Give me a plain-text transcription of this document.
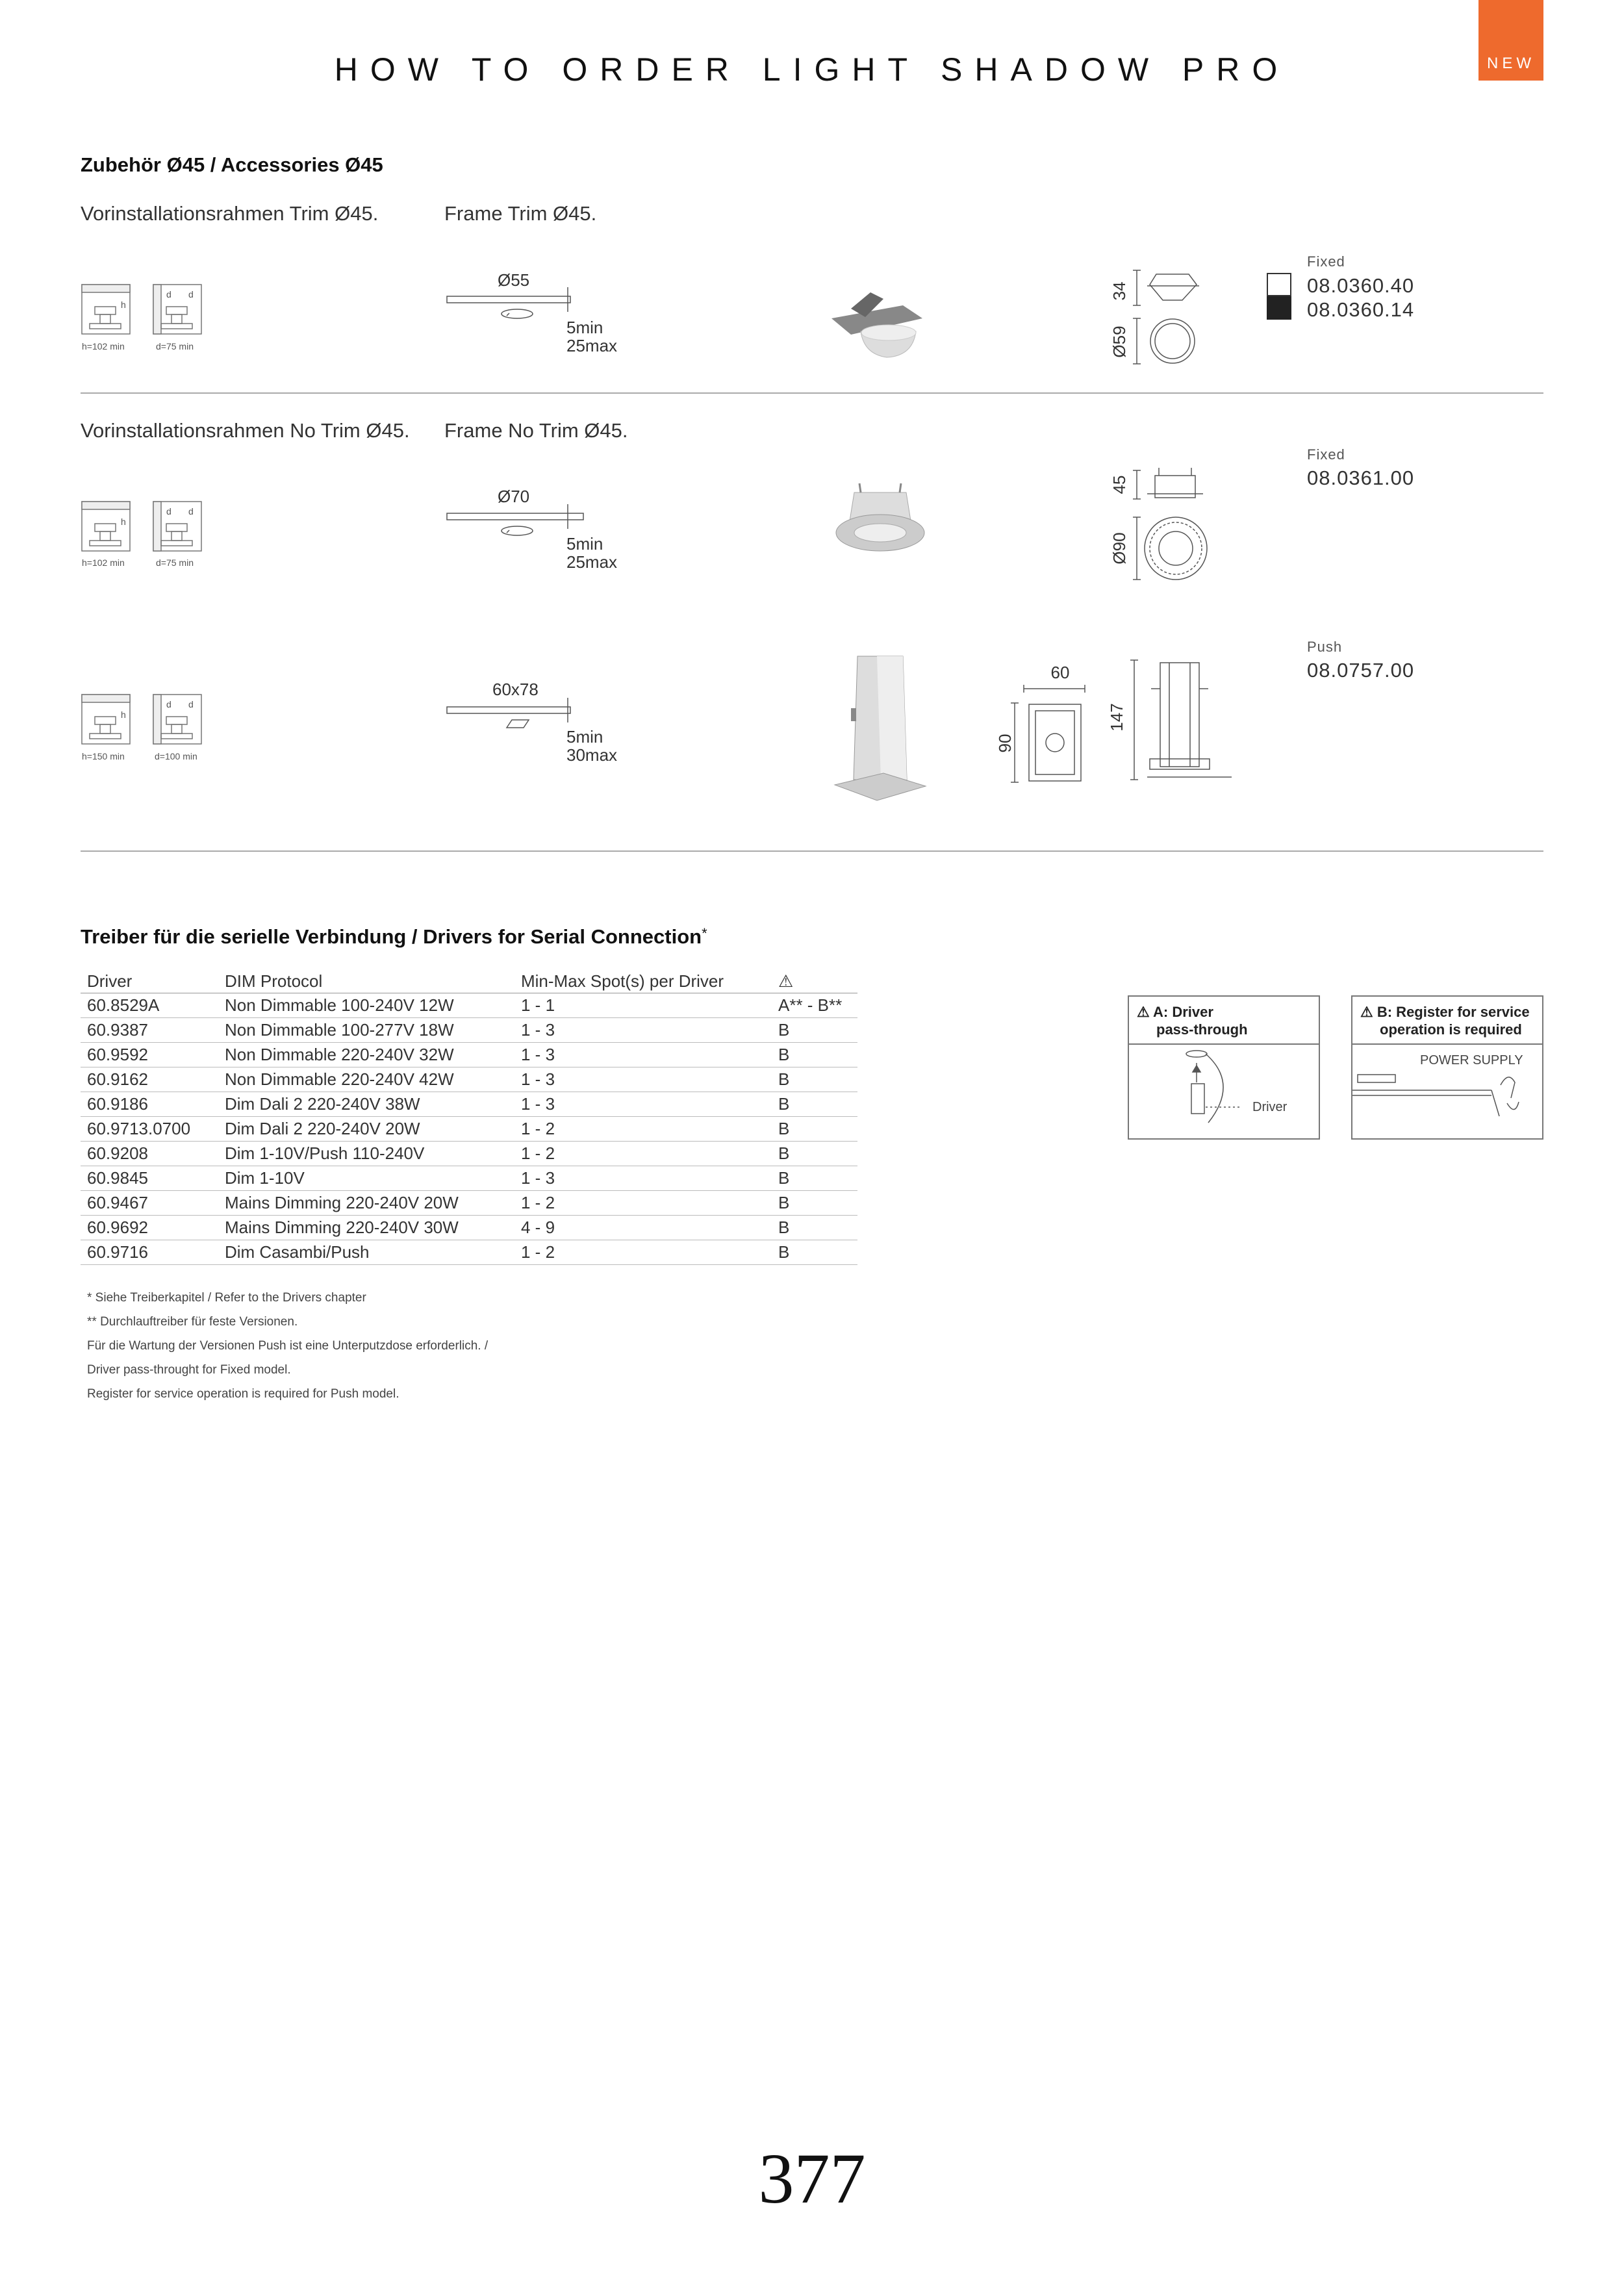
HOW TO ORDER LIGHT SHADOW PRO	NEW
Zubehör Ø45 / Accessories Ø45
Vorinstallationsrahmen Trim Ø45.	Frame Trim Ø45.
h
d d
h=102 min	d=75 min
Ø55
5min
25max
34
Ø59
Fixed
08.0360.40
08.0360.14
Vorinstallationsrahmen No Trim Ø45. Frame No Trim Ø45.
h
d d
h=102 min	d=75 min
Ø70
5min
25max
45
Ø90
Fixed
08.0361.00
h
d d
h=150 min	d=100 min
60x78
5min
30max
60
90
147
Push
08.0757.00
Treiber für die serielle Verbindung / Drivers for Serial Connection*
Driver	DIM Protocol	Min-Max Spot(s) per Driver	⚠
60.8529A	Non Dimmable 100-240V 12W	1 - 1	A** - B**
60.9387	Non Dimmable 100-277V 18W	1 - 3	B
60.9592	Non Dimmable 220-240V 32W	1 - 3	B
60.9162	Non Dimmable 220-240V 42W	1 - 3	B
60.9186	Dim Dali 2 220-240V 38W	1 - 3	B
60.9713.0700	Dim Dali 2 220-240V 20W	1 - 2	B
60.9208	Dim 1-10V/Push 110-240V	1 - 2	B
60.9845	Dim 1-10V	1 - 3	B
60.9467	Mains Dimming 220-240V 20W	1 - 2	B
60.9692	Mains Dimming 220-240V 30W	4 - 9	B
60.9716	Dim Casambi/Push	1 - 2	B
* Siehe Treiberkapitel / Refer to the Drivers chapter
** Durchlauftreiber für feste Versionen.
Für die Wartung der Versionen Push ist eine Unterputzdose erforderlich. /
Driver pass-throught for Fixed model.
Register for service operation is required for Push model.
⚠ A: Driver
pass-through
Driver
⚠ B: Register for service
operation is required
POWER SUPPLY
377
